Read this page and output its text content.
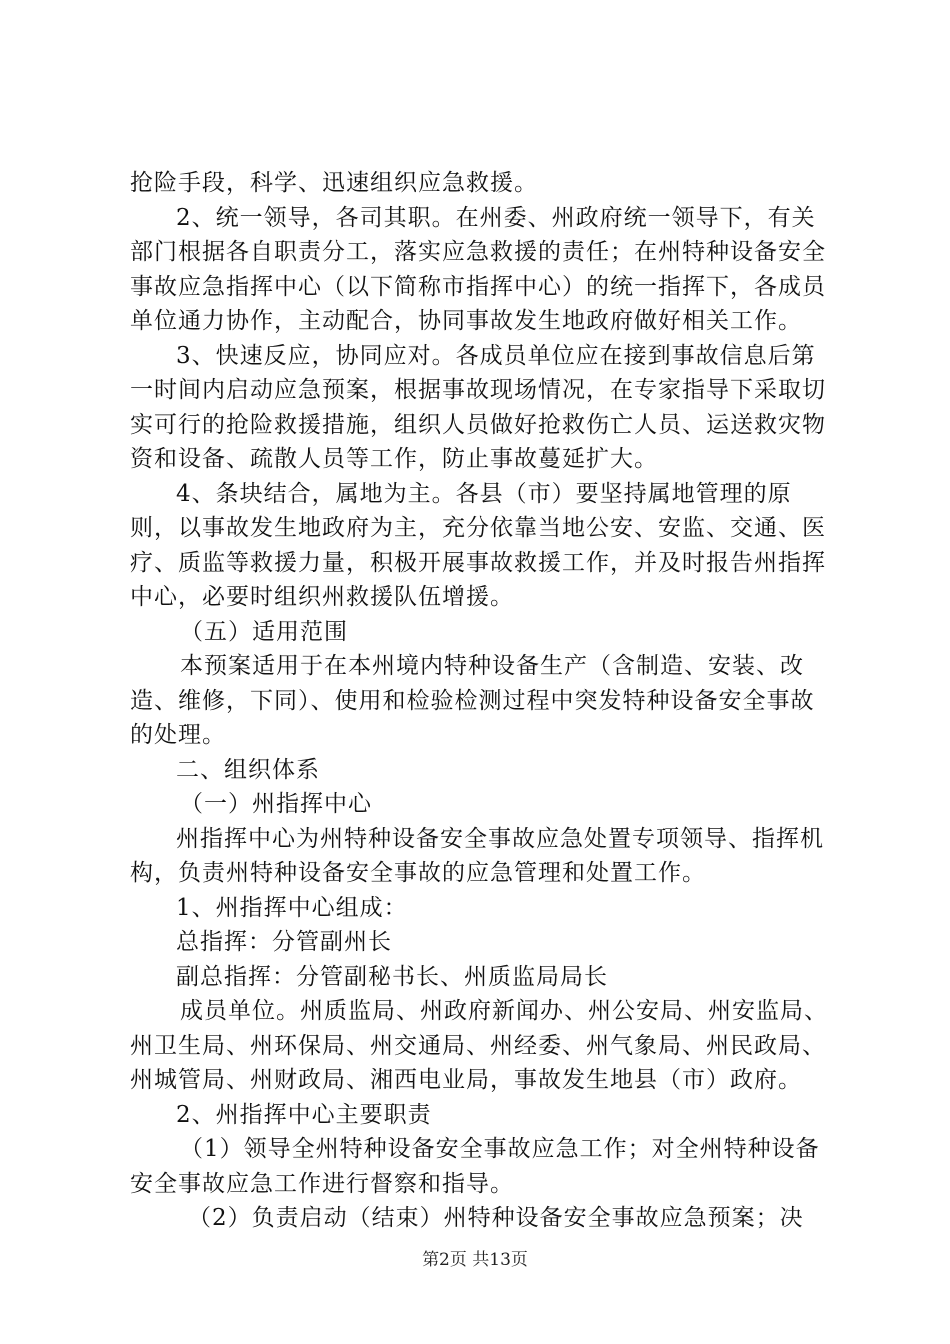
抢险手段，科学、迅速组织应急救援。

2、统一领导，各司其职。在州委、州政府统一领导下，有关部门根据各自职责分工，落实应急救援的责任；在州特种设备安全事故应急指挥中心（以下简称市指挥中心）的统一指挥下，各成员单位通力协作，主动配合，协同事故发生地政府做好相关工作。

3、快速反应，协同应对。各成员单位应在接到事故信息后第一时间内启动应急预案，根据事故现场情况，在专家指导下采取切实可行的抢险救援措施，组织人员做好抢救伤亡人员、运送救灾物资和设备、疏散人员等工作，防止事故蔓延扩大。

4、条块结合，属地为主。各县（市）要坚持属地管理的原则，以事故发生地政府为主，充分依靠当地公安、安监、交通、医疗、质监等救援力量，积极开展事故救援工作，并及时报告州指挥中心，必要时组织州救援队伍增援。

（五）适用范围

本预案适用于在本州境内特种设备生产（含制造、安装、改造、维修，下同）、使用和检验检测过程中突发特种设备安全事故的处理。

二、组织体系

（一）州指挥中心

州指挥中心为州特种设备安全事故应急处置专项领导、指挥机构，负责州特种设备安全事故的应急管理和处置工作。

1、州指挥中心组成：

总指挥：分管副州长

副总指挥：分管副秘书长、州质监局局长

成员单位。州质监局、州政府新闻办、州公安局、州安监局、州卫生局、州环保局、州交通局、州经委、州气象局、州民政局、州城管局、州财政局、湘西电业局，事故发生地县（市）政府。

2、州指挥中心主要职责

（1）领导全州特种设备安全事故应急工作；对全州特种设备安全事故应急工作进行督察和指导。

（2）负责启动（结束）州特种设备安全事故应急预案；决

第2页 共13页
